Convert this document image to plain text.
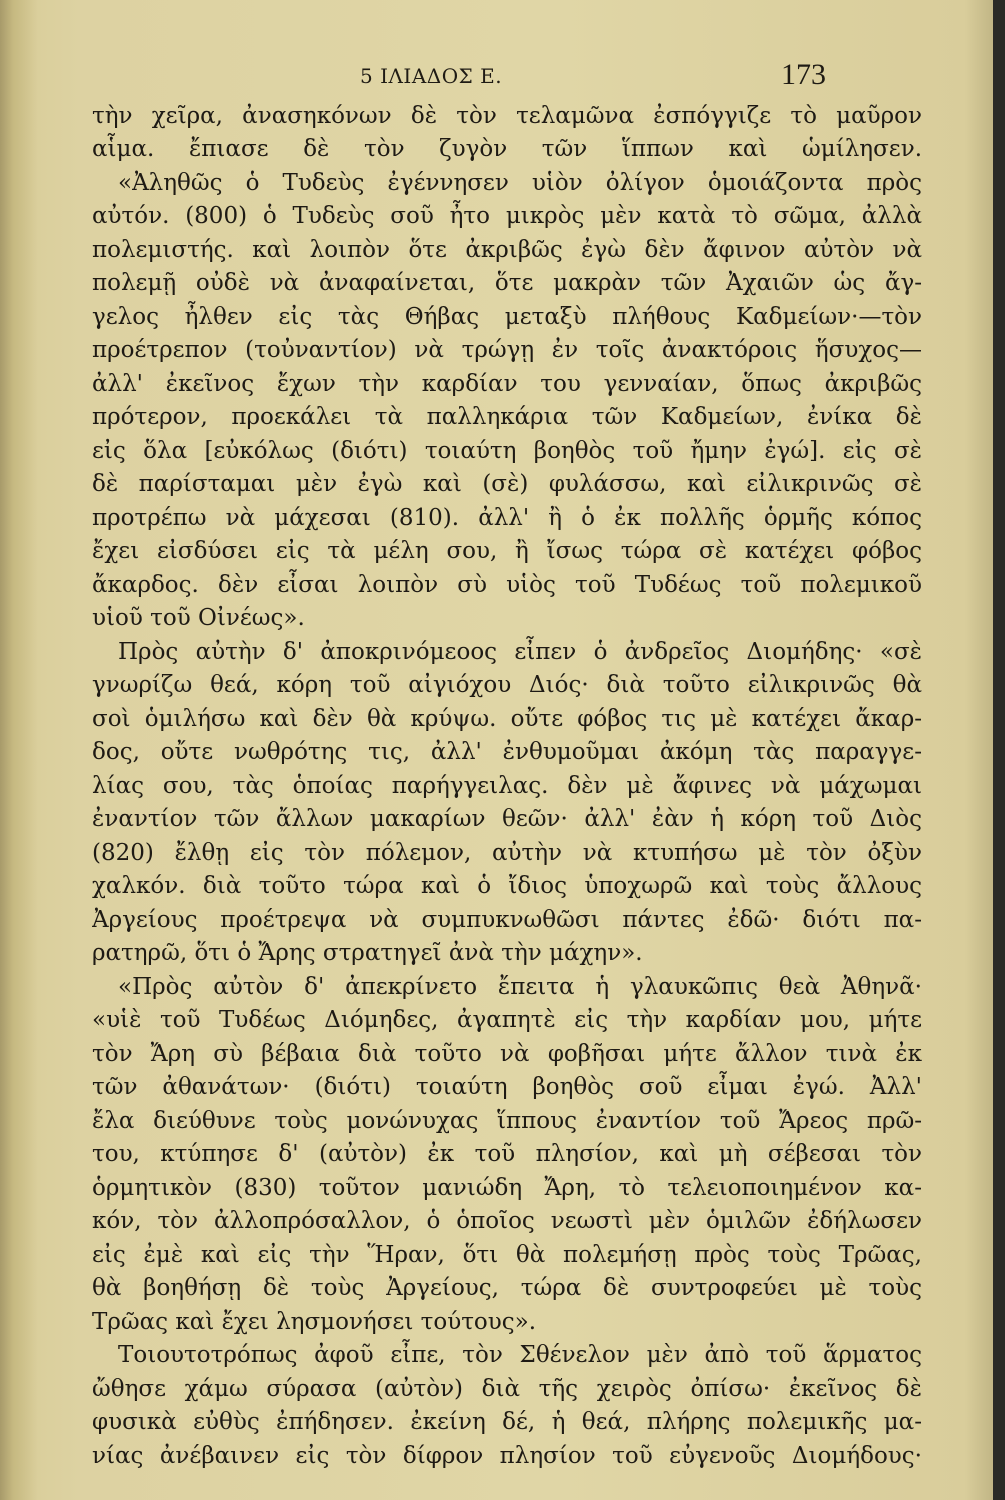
5 ΙΛΙΑΔΟΣ Ε.	173
τὴν χεῖρα, ἀνασηκόνων δὲ τὸν τελαμῶνα ἐσπόγγιζε τὸ μαῦρον
αἷμα. ἔπιασε δὲ τὸν ζυγὸν τῶν ἵππων καὶ ὡμίλησεν.
«Ἀληθῶς ὁ Τυδεὺς ἐγέννησεν υἱὸν ὀλίγον ὁμοιάζοντα πρὸς
αὐτόν. (800) ὁ Τυδεὺς σοῦ ἦτο μικρὸς μὲν κατὰ τὸ σῶμα, ἀλλὰ
πολεμιστής. καὶ λοιπὸν ὅτε ἀκριβῶς ἐγὼ δὲν ἄφινον αὐτὸν νὰ
πολεμῇ οὐδὲ νὰ ἀναφαίνεται, ὅτε μακρὰν τῶν Ἀχαιῶν ὡς ἄγ-
γελος ἦλθεν εἰς τὰς Θήβας μεταξὺ πλήθους Καδμείων·—τὸν
προέτρεπον (τοὐναντίον) νὰ τρώγῃ ἐν τοῖς ἀνακτόροις ἥσυχος—
ἀλλ' ἐκεῖνος ἔχων τὴν καρδίαν του γενναίαν, ὅπως ἀκριβῶς
πρότερον, προεκάλει τὰ παλληκάρια τῶν Καδμείων, ἐνίκα δὲ
εἰς ὅλα [εὐκόλως (διότι) τοιαύτη βοηθὸς τοῦ ἤμην ἐγώ]. εἰς σὲ
δὲ παρίσταμαι μὲν ἐγὼ καὶ (σὲ) φυλάσσω, καὶ εἰλικρινῶς σὲ
προτρέπω νὰ μάχεσαι (810). ἀλλ' ἢ ὁ ἐκ πολλῆς ὁρμῆς κόπος
ἔχει εἰσδύσει εἰς τὰ μέλη σου, ἢ ἴσως τώρα σὲ κατέχει φόβος
ἄκαρδος. δὲν εἶσαι λοιπὸν σὺ υἱὸς τοῦ Τυδέως τοῦ πολεμικοῦ
υἱοῦ τοῦ Οἰνέως».
Πρὸς αὐτὴν δ' ἀποκρινόμεοος εἶπεν ὁ ἀνδρεῖος Διομήδης· «σὲ
γνωρίζω θεά, κόρη τοῦ αἰγιόχου Διός· διὰ τοῦτο εἰλικρινῶς θὰ
σοὶ ὁμιλήσω καὶ δὲν θὰ κρύψω. οὔτε φόβος τις μὲ κατέχει ἄκαρ-
δος, οὔτε νωθρότης τις, ἀλλ' ἐνθυμοῦμαι ἀκόμη τὰς παραγγε-
λίας σου, τὰς ὁποίας παρήγγειλας. δὲν μὲ ἄφινες νὰ μάχωμαι
ἐναντίον τῶν ἄλλων μακαρίων θεῶν· ἀλλ' ἐὰν ἡ κόρη τοῦ Διὸς
(820) ἔλθῃ εἰς τὸν πόλεμον, αὐτὴν νὰ κτυπήσω μὲ τὸν ὀξὺν
χαλκόν. διὰ τοῦτο τώρα καὶ ὁ ἴδιος ὑποχωρῶ καὶ τοὺς ἄλλους
Ἀργείους προέτρεψα νὰ συμπυκνωθῶσι πάντες ἐδῶ· διότι πα-
ρατηρῶ, ὅτι ὁ Ἄρης στρατηγεῖ ἀνὰ τὴν μάχην».
«Πρὸς αὐτὸν δ' ἀπεκρίνετο ἔπειτα ἡ γλαυκῶπις θεὰ Ἀθηνᾶ·
«υἱὲ τοῦ Τυδέως Διόμηδες, ἀγαπητὲ εἰς τὴν καρδίαν μου, μήτε
τὸν Ἄρη σὺ βέβαια διὰ τοῦτο νὰ φοβῆσαι μήτε ἄλλον τινὰ ἐκ
τῶν ἀθανάτων· (διότι) τοιαύτη βοηθὸς σοῦ εἶμαι ἐγώ. Ἀλλ'
ἔλα διεύθυνε τοὺς μονώνυχας ἵππους ἐναντίον τοῦ Ἄρεος πρῶ-
του, κτύπησε δ' (αὐτὸν) ἐκ τοῦ πλησίον, καὶ μὴ σέβεσαι τὸν
ὁρμητικὸν (830) τοῦτον μανιώδη Ἄρη, τὸ τελειοποιημένον κα-
κόν, τὸν ἀλλοπρόσαλλον, ὁ ὁποῖος νεωστὶ μὲν ὁμιλῶν ἐδήλωσεν
εἰς ἐμὲ καὶ εἰς τὴν Ἥραν, ὅτι θὰ πολεμήσῃ πρὸς τοὺς Τρῶας,
θὰ βοηθήσῃ δὲ τοὺς Ἀργείους, τώρα δὲ συντροφεύει μὲ τοὺς
Τρῶας καὶ ἔχει λησμονήσει τούτους».
Τοιουτοτρόπως ἀφοῦ εἶπε, τὸν Σθένελον μὲν ἀπὸ τοῦ ἅρματος
ὤθησε χάμω σύρασα (αὐτὸν) διὰ τῆς χειρὸς ὀπίσω· ἐκεῖνος δὲ
φυσικὰ εὐθὺς ἐπήδησεν. ἐκείνη δέ, ἡ θεά, πλήρης πολεμικῆς μα-
νίας ἀνέβαινεν εἰς τὸν δίφρον πλησίον τοῦ εὐγενοῦς Διομήδους·
